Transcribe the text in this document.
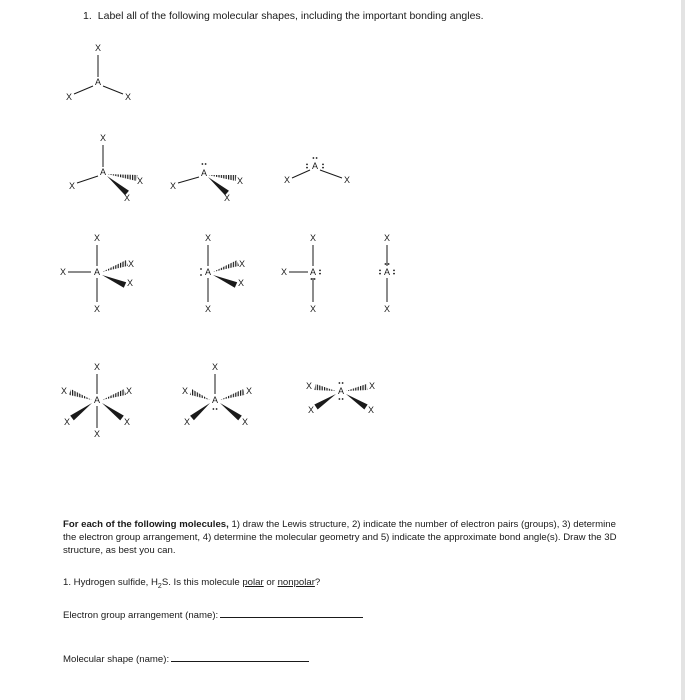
1. Label all of the following molecular shapes, including the important bonding angles.
A
X
X	X
A
X
X	X
X
A
X	X
X
A
X	X
A
X
X
X
X
X
A
X
X
X
X
A
X
X
X	A
X
X
A
X
X
X	X
X	X
A
X
X	X
X	X
A
X	X
X	X
For each of the following molecules, 1) draw the Lewis structure, 2) indicate the number of electron pairs (groups), 3) determine the electron group arrangement, 4) determine the molecular geometry and 5) indicate the approximate bond angle(s). Draw the 3D structure, as best you can.
1. Hydrogen sulfide, $H_2S$. Is this molecule polar or nonpolar?
Electron group arrangement (name):
Molecular shape (name):
